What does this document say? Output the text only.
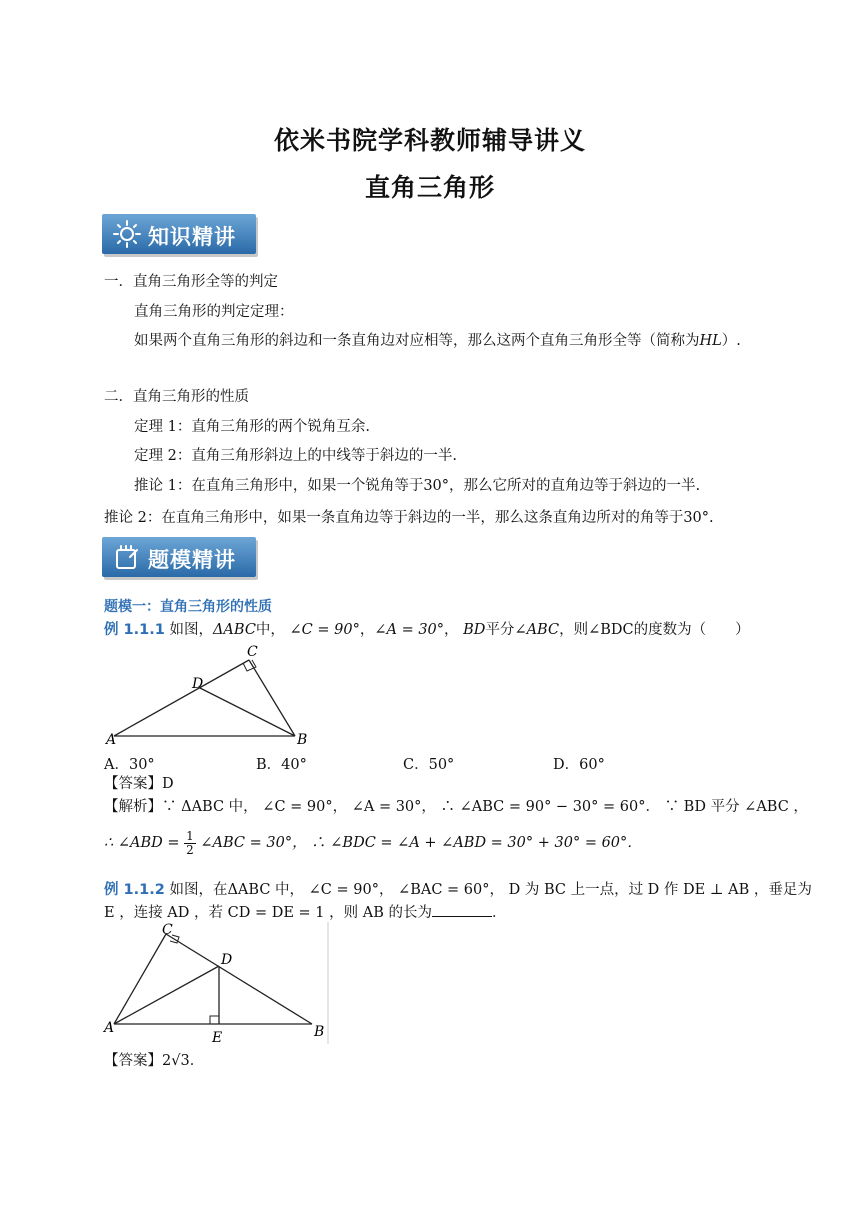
依米书院学科教师辅导讲义
直角三角形
知识精讲
一．直角三角形全等的判定
直角三角形的判定定理：
如果两个直角三角形的斜边和一条直角边对应相等，那么这两个直角三角形全等（简称为HL）.
二．直角三角形的性质
定理 1：直角三角形的两个锐角互余.
定理 2：直角三角形斜边上的中线等于斜边的一半.
推论 1：在直角三角形中，如果一个锐角等于30°，那么它所对的直角边等于斜边的一半.
推论 2：在直角三角形中，如果一条直角边等于斜边的一半，那么这条直角边所对的角等于30°.
题模精讲
题模一：直角三角形的性质
例 1.1.1 如图，ΔABC中， ∠C = 90°，∠A = 30°， BD平分∠ABC，则∠BDC的度数为（　　）
A	B
C
D
A．30°	B．40°	C．50°	D．60°
【答案】D
【解析】∵ ΔABC 中， ∠C = 90°， ∠A = 30°， ∴ ∠ABC = 90° − 30° = 60°． ∵ BD 平分 ∠ABC ，
∴ ∠ABD = $\frac{1}{2}$ ∠ABC = 30°， ∴ ∠BDC = ∠A + ∠ABD = 30° + 30° = 60°．
例 1.1.2 如图，在ΔABC 中， ∠C = 90°， ∠BAC = 60°， D 为 BC 上一点，过 D 作 DE ⊥ AB ，垂足为
E ，连接 AD ，若 CD = DE = 1 ，则 AB 的长为	．
A	B
C
D
E
【答案】2√3．
